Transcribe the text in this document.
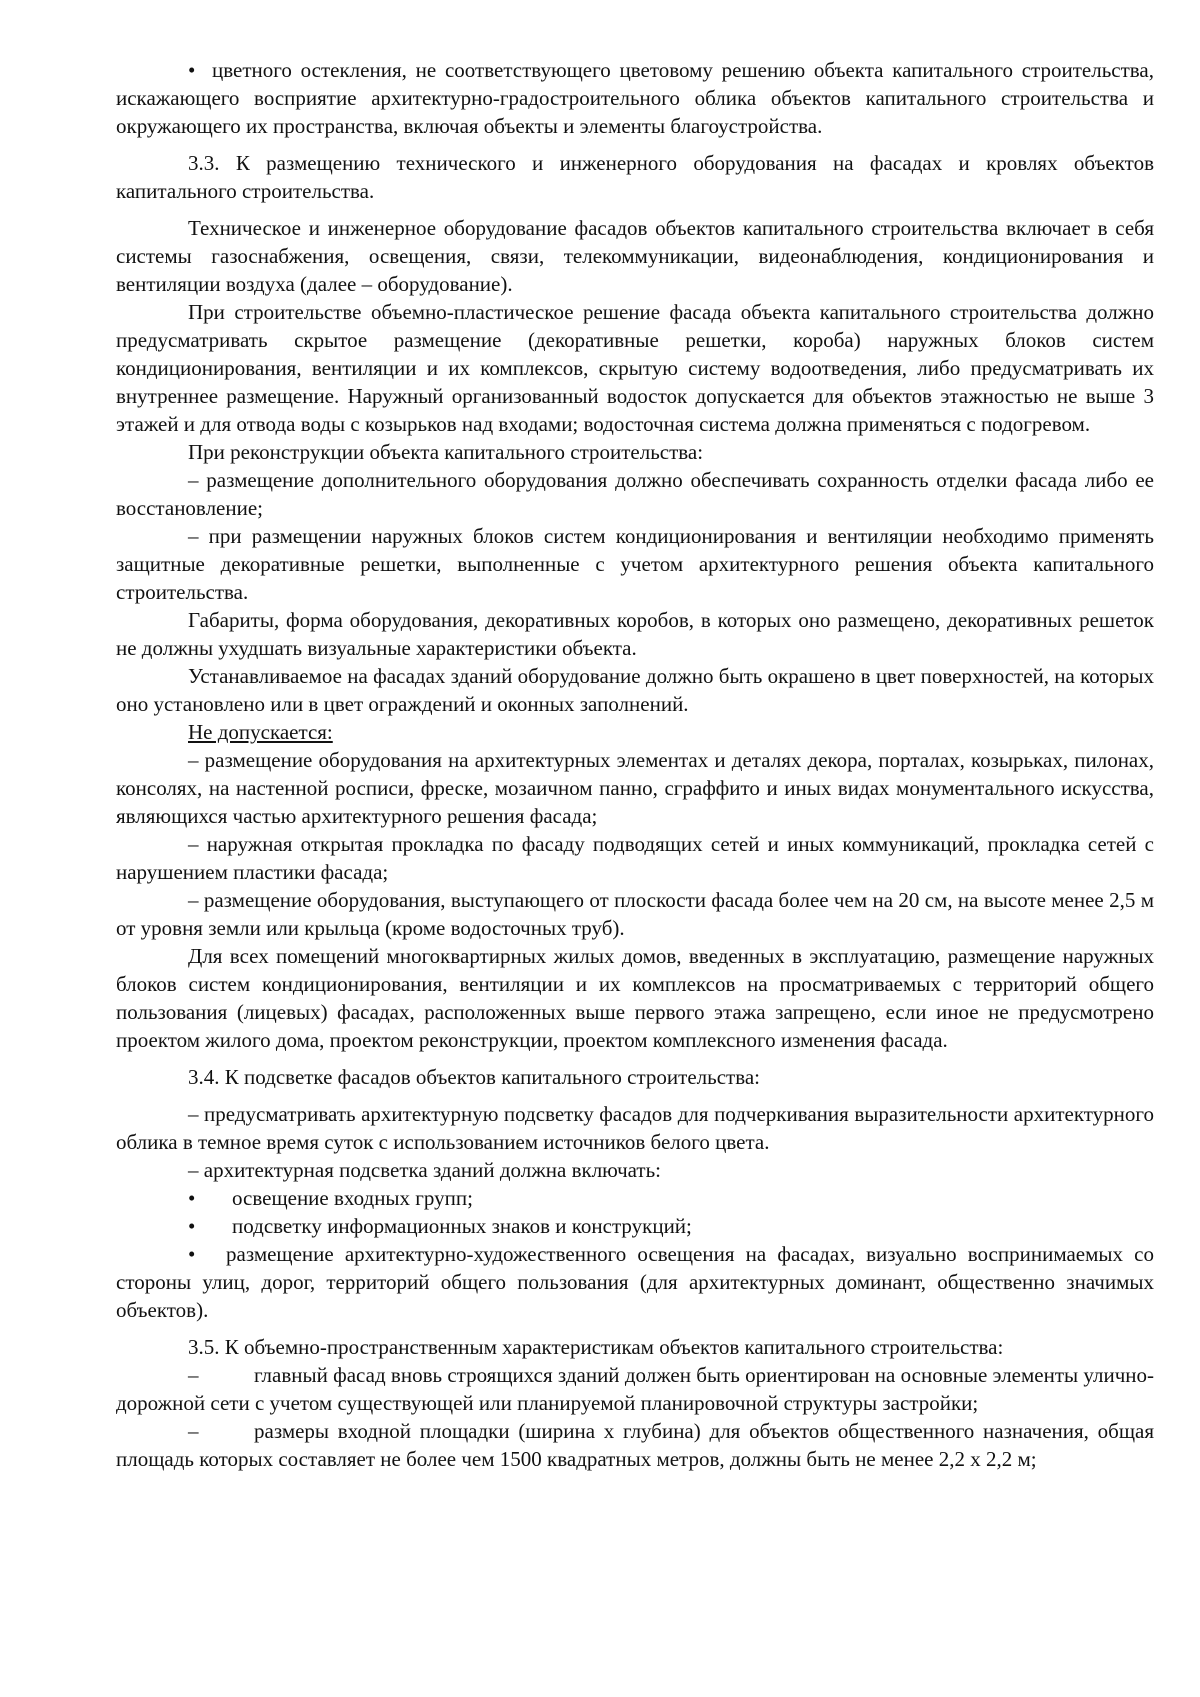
• цветного остекления, не соответствующего цветовому решению объекта капитального строительства, искажающего восприятие архитектурно-градостроительного облика объектов капитального строительства и окружающего их пространства, включая объекты и элементы благоустройства.

3.3. К размещению технического и инженерного оборудования на фасадах и кровлях объектов капитального строительства.

Техническое и инженерное оборудование фасадов объектов капитального строительства включает в себя системы газоснабжения, освещения, связи, телекоммуникации, видеонаблюдения, кондиционирования и вентиляции воздуха (далее – оборудование).

При строительстве объемно-пластическое решение фасада объекта капитального строительства должно предусматривать скрытое размещение (декоративные решетки, короба) наружных блоков систем кондиционирования, вентиляции и их комплексов, скрытую систему водоотведения, либо предусматривать их внутреннее размещение. Наружный организованный водосток допускается для объектов этажностью не выше 3 этажей и для отвода воды с козырьков над входами; водосточная система должна применяться с подогревом.

При реконструкции объекта капитального строительства:

– размещение дополнительного оборудования должно обеспечивать сохранность отделки фасада либо ее восстановление;

– при размещении наружных блоков систем кондиционирования и вентиляции необходимо применять защитные декоративные решетки, выполненные с учетом архитектурного решения объекта капитального строительства.

Габариты, форма оборудования, декоративных коробов, в которых оно размещено, декоративных решеток не должны ухудшать визуальные характеристики объекта.

Устанавливаемое на фасадах зданий оборудование должно быть окрашено в цвет поверхностей, на которых оно установлено или в цвет ограждений и оконных заполнений.

Не допускается:

– размещение оборудования на архитектурных элементах и деталях декора, порталах, козырьках, пилонах, консолях, на настенной росписи, фреске, мозаичном панно, сграффито и иных видах монументального искусства, являющихся частью архитектурного решения фасада;

– наружная открытая прокладка по фасаду подводящих сетей и иных коммуникаций, прокладка сетей с нарушением пластики фасада;

– размещение оборудования, выступающего от плоскости фасада более чем на 20 см, на высоте менее 2,5 м от уровня земли или крыльца (кроме водосточных труб).

Для всех помещений многоквартирных жилых домов, введенных в эксплуатацию, размещение наружных блоков систем кондиционирования, вентиляции и их комплексов на просматриваемых с территорий общего пользования (лицевых) фасадах, расположенных выше первого этажа запрещено, если иное не предусмотрено проектом жилого дома, проектом реконструкции, проектом комплексного изменения фасада.

3.4. К подсветке фасадов объектов капитального строительства:

– предусматривать архитектурную подсветку фасадов для подчеркивания выразительности архитектурного облика в темное время суток с использованием источников белого цвета.

– архитектурная подсветка зданий должна включать:

• освещение входных групп;

• подсветку информационных знаков и конструкций;

• размещение архитектурно-художественного освещения на фасадах, визуально воспринимаемых со стороны улиц, дорог, территорий общего пользования (для архитектурных доминант, общественно значимых объектов).

3.5. К объемно-пространственным характеристикам объектов капитального строительства:

–	главный фасад вновь строящихся зданий должен быть ориентирован на основные элементы улично-дорожной сети с учетом существующей или планируемой планировочной структуры застройки;

–	размеры входной площадки (ширина х глубина) для объектов общественного назначения, общая площадь которых составляет не более чем 1500 квадратных метров, должны быть не менее 2,2 х 2,2 м;
